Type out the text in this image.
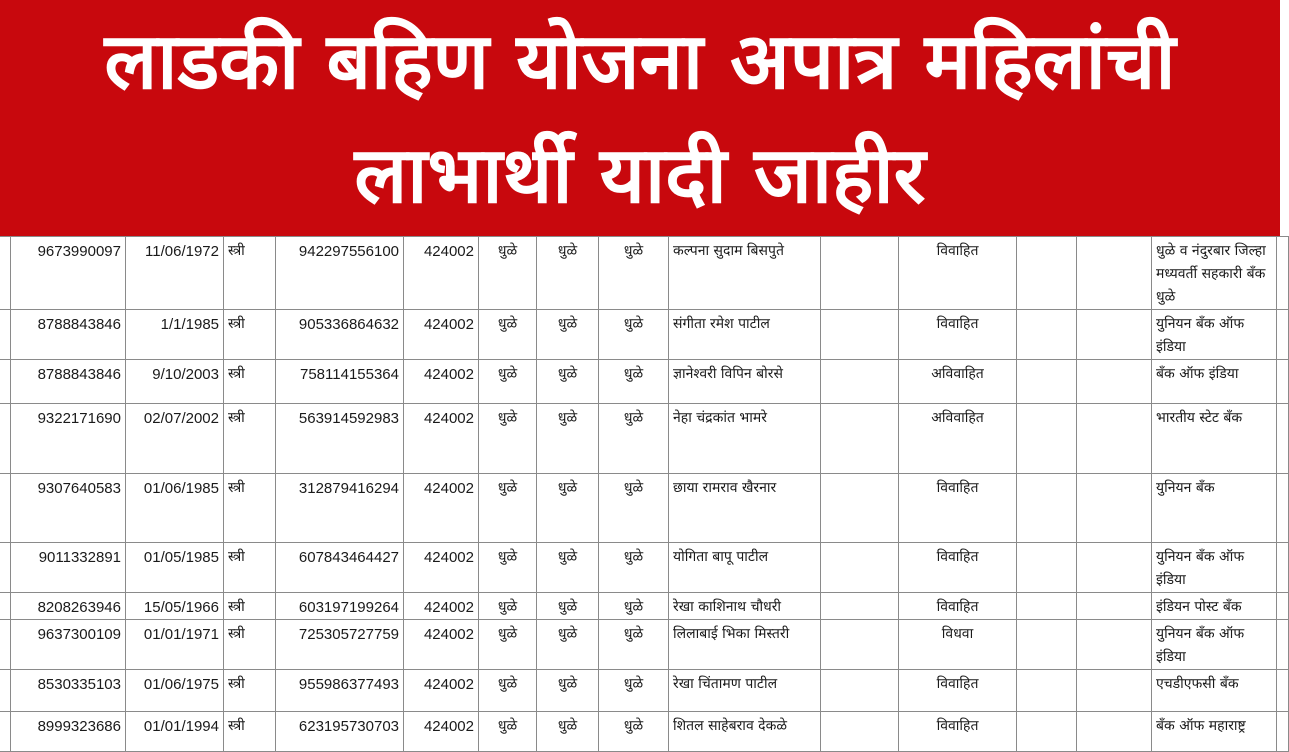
लाडकी बहिण योजना अपात्र महिलांची
लाभार्थी यादी जाहीर
	9673990097	11/06/1972	स्त्री	942297556100	424002	धुळे	धुळे	धुळे	कल्पना सुदाम बिसपुते		विवाहित			धुळे व नंदुरबार जिल्हा मध्यवर्ती सहकारी बँक धुळे	
	8788843846	1/1/1985	स्त्री	905336864632	424002	धुळे	धुळे	धुळे	संगीता रमेश पाटील		विवाहित			युनियन बँक ऑफ इंडिया	
	8788843846	9/10/2003	स्त्री	758114155364	424002	धुळे	धुळे	धुळे	ज्ञानेश्वरी विपिन बोरसे		अविवाहित			बँक ऑफ इंडिया	
	9322171690	02/07/2002	स्त्री	563914592983	424002	धुळे	धुळे	धुळे	नेहा चंद्रकांत भामरे		अविवाहित			भारतीय स्टेट बँक	
	9307640583	01/06/1985	स्त्री	312879416294	424002	धुळे	धुळे	धुळे	छाया रामराव खैरनार		विवाहित			युनियन बँक	
	9011332891	01/05/1985	स्त्री	607843464427	424002	धुळे	धुळे	धुळे	योगिता बापू पाटील		विवाहित			युनियन बँक ऑफ इंडिया	
	8208263946	15/05/1966	स्त्री	603197199264	424002	धुळे	धुळे	धुळे	रेखा काशिनाथ चौधरी		विवाहित			इंडियन पोस्ट बँक	
	9637300109	01/01/1971	स्त्री	725305727759	424002	धुळे	धुळे	धुळे	लिलाबाई भिका मिस्तरी		विधवा			युनियन बँक ऑफ इंडिया	
	8530335103	01/06/1975	स्त्री	955986377493	424002	धुळे	धुळे	धुळे	रेखा चिंतामण पाटील		विवाहित			एचडीएफसी बँक	
	8999323686	01/01/1994	स्त्री	623195730703	424002	धुळे	धुळे	धुळे	शितल साहेबराव देकळे		विवाहित			बँक ऑफ महाराष्ट्र	
